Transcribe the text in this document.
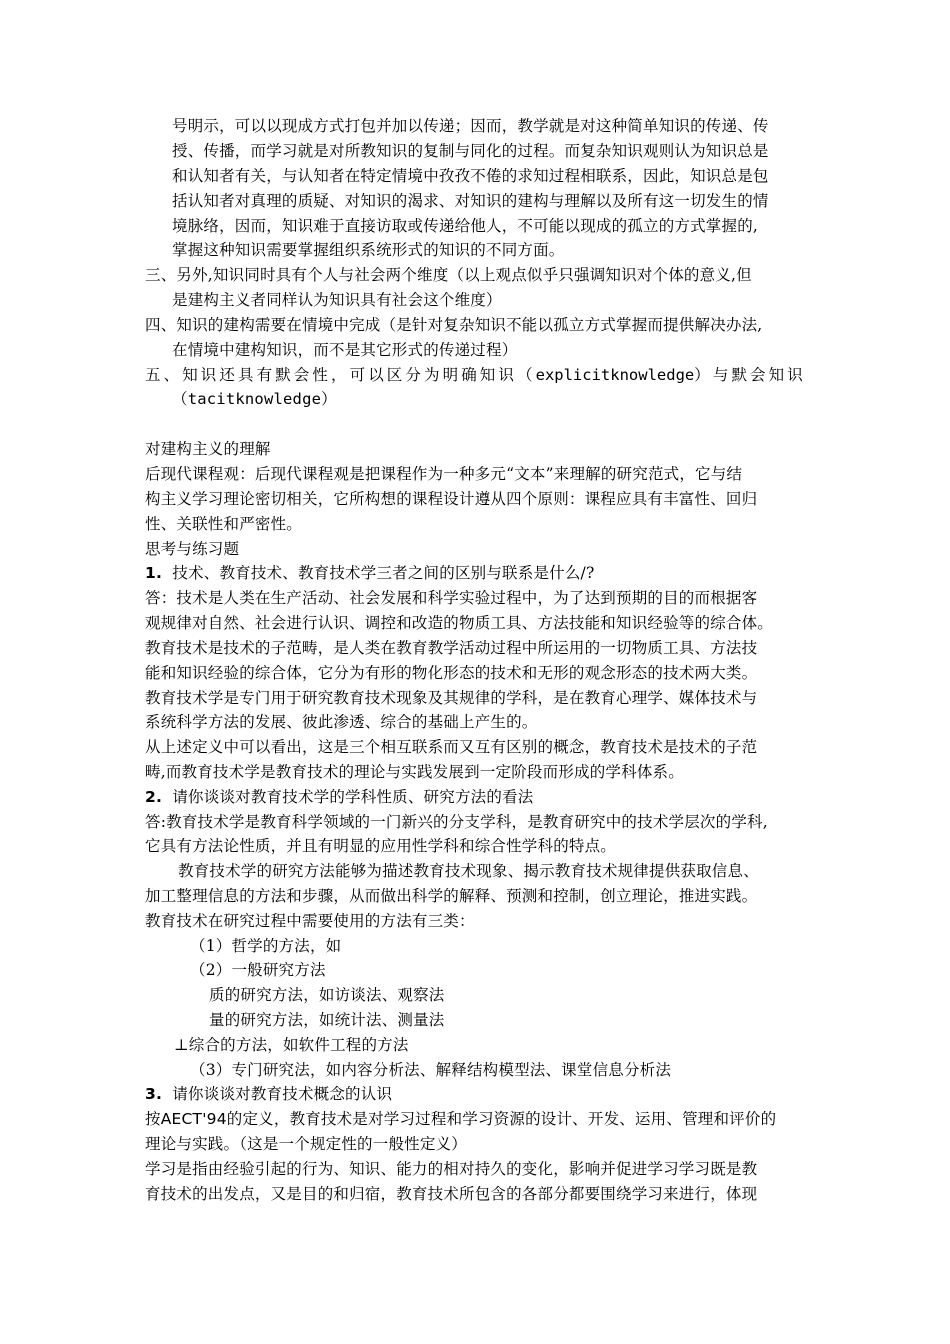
号明示，可以以现成方式打包并加以传递；因而，教学就是对这种简单知识的传递、传
授、传播，而学习就是对所教知识的复制与同化的过程。而复杂知识观则认为知识总是
和认知者有关，与认知者在特定情境中孜孜不倦的求知过程相联系，因此，知识总是包
括认知者对真理的质疑、对知识的渴求、对知识的建构与理解以及所有这一切发生的情
境脉络，因而，知识难于直接访取或传递给他人，不可能以现成的孤立的方式掌握的,
掌握这种知识需要掌握组织系统形式的知识的不同方面。
三、另外,知识同时具有个人与社会两个维度（以上观点似乎只强调知识对个体的意义,但
是建构主义者同样认为知识具有社会这个维度）
四、知识的建构需要在情境中完成（是针对复杂知识不能以孤立方式掌握而提供解决办法,
在情境中建构知识，而不是其它形式的传递过程）
五、知识还具有默会性，可以区分为明确知识（explicitknowledge）与默会知识
（tacitknowledge）
对建构主义的理解
后现代课程观：后现代课程观是把课程作为一种多元“文本”来理解的研究范式，它与结
构主义学习理论密切相关，它所构想的课程设计遵从四个原则：课程应具有丰富性、回归
性、关联性和严密性。
思考与练习题
1. 技术、教育技术、教育技术学三者之间的区别与联系是什么/?
答：技术是人类在生产活动、社会发展和科学实验过程中，为了达到预期的目的而根据客
观规律对自然、社会进行认识、调控和改造的物质工具、方法技能和知识经验等的综合体。
教育技术是技术的子范畴，是人类在教育教学活动过程中所运用的一切物质工具、方法技
能和知识经验的综合体，它分为有形的物化形态的技术和无形的观念形态的技术两大类。
教育技术学是专门用于研究教育技术现象及其规律的学科，是在教育心理学、媒体技术与
系统科学方法的发展、彼此渗透、综合的基础上产生的。
从上述定义中可以看出，这是三个相互联系而又互有区别的概念，教育技术是技术的子范
畴,而教育技术学是教育技术的理论与实践发展到一定阶段而形成的学科体系。
2. 请你谈谈对教育技术学的学科性质、研究方法的看法
答:教育技术学是教育科学领域的一门新兴的分支学科，是教育研究中的技术学层次的学科,
它具有方法论性质，并且有明显的应用性学科和综合性学科的特点。
教育技术学的研究方法能够为描述教育技术现象、揭示教育技术规律提供获取信息、
加工整理信息的方法和步骤，从而做出科学的解释、预测和控制，创立理论，推进实践。
教育技术在研究过程中需要使用的方法有三类：
（1）哲学的方法，如
（2）一般研究方法
质的研究方法，如访谈法、观察法
量的研究方法，如统计法、测量法
⊥综合的方法，如软件工程的方法
（3）专门研究法，如内容分析法、解释结构模型法、课堂信息分析法
3. 请你谈谈对教育技术概念的认识
按AECT'94的定义，教育技术是对学习过程和学习资源的设计、开发、运用、管理和评价的
理论与实践。（这是一个规定性的一般性定义）
学习是指由经验引起的行为、知识、能力的相对持久的变化，影响并促进学习学习既是教
育技术的出发点，又是目的和归宿，教育技术所包含的各部分都要围绕学习来进行，体现
